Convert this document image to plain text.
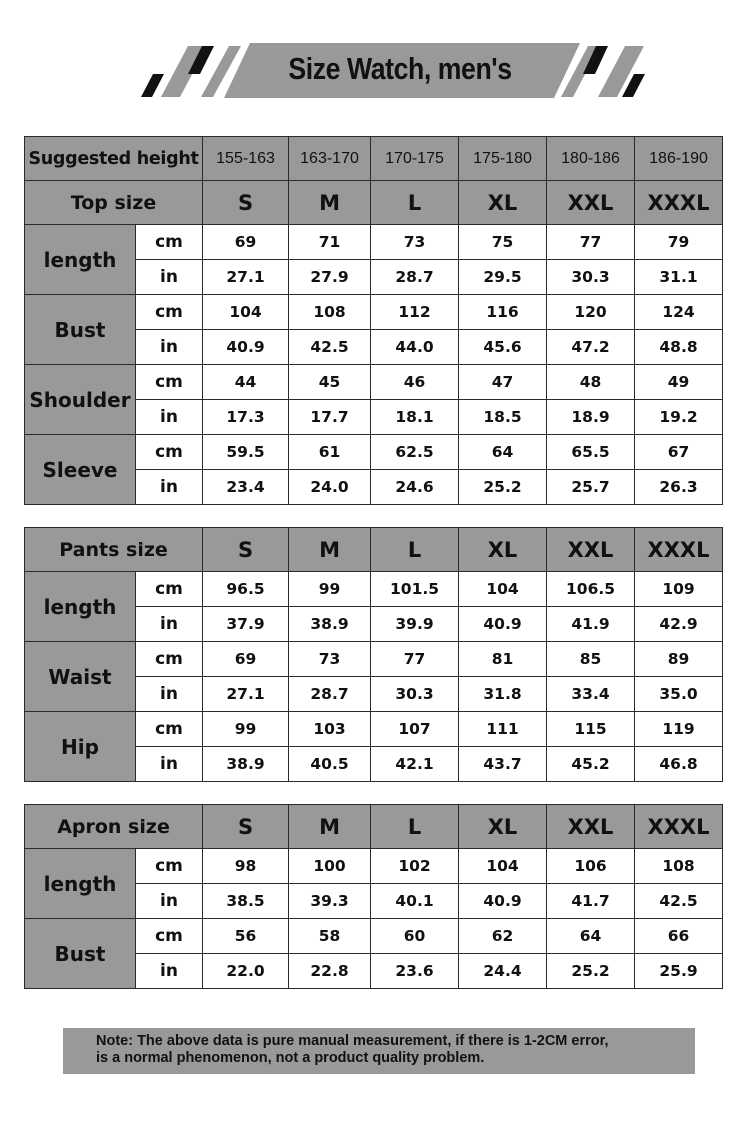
Size Watch, men's
Suggested height		155-163	163-170	170-175	175-180	180-186	186-190
Top size		S	M	L	XL	XXL	XXXL
length	cm	69	71	73	75	77	79
	in	27.1	27.9	28.7	29.5	30.3	31.1
Bust	cm	104	108	112	116	120	124
	in	40.9	42.5	44.0	45.6	47.2	48.8
Shoulder	cm	44	45	46	47	48	49
	in	17.3	17.7	18.1	18.5	18.9	19.2
Sleeve	cm	59.5	61	62.5	64	65.5	67
	in	23.4	24.0	24.6	25.2	25.7	26.3
Pants size		S	M	L	XL	XXL	XXXL
length	cm	96.5	99	101.5	104	106.5	109
	in	37.9	38.9	39.9	40.9	41.9	42.9
Waist	cm	69	73	77	81	85	89
	in	27.1	28.7	30.3	31.8	33.4	35.0
Hip	cm	99	103	107	111	115	119
	in	38.9	40.5	42.1	43.7	45.2	46.8
Apron size		S	M	L	XL	XXL	XXXL
length	cm	98	100	102	104	106	108
	in	38.5	39.3	40.1	40.9	41.7	42.5
Bust	cm	56	58	60	62	64	66
	in	22.0	22.8	23.6	24.4	25.2	25.9
Note: The above data is pure manual measurement, if there is 1-2CM error,
is a normal phenomenon, not a product quality problem.
